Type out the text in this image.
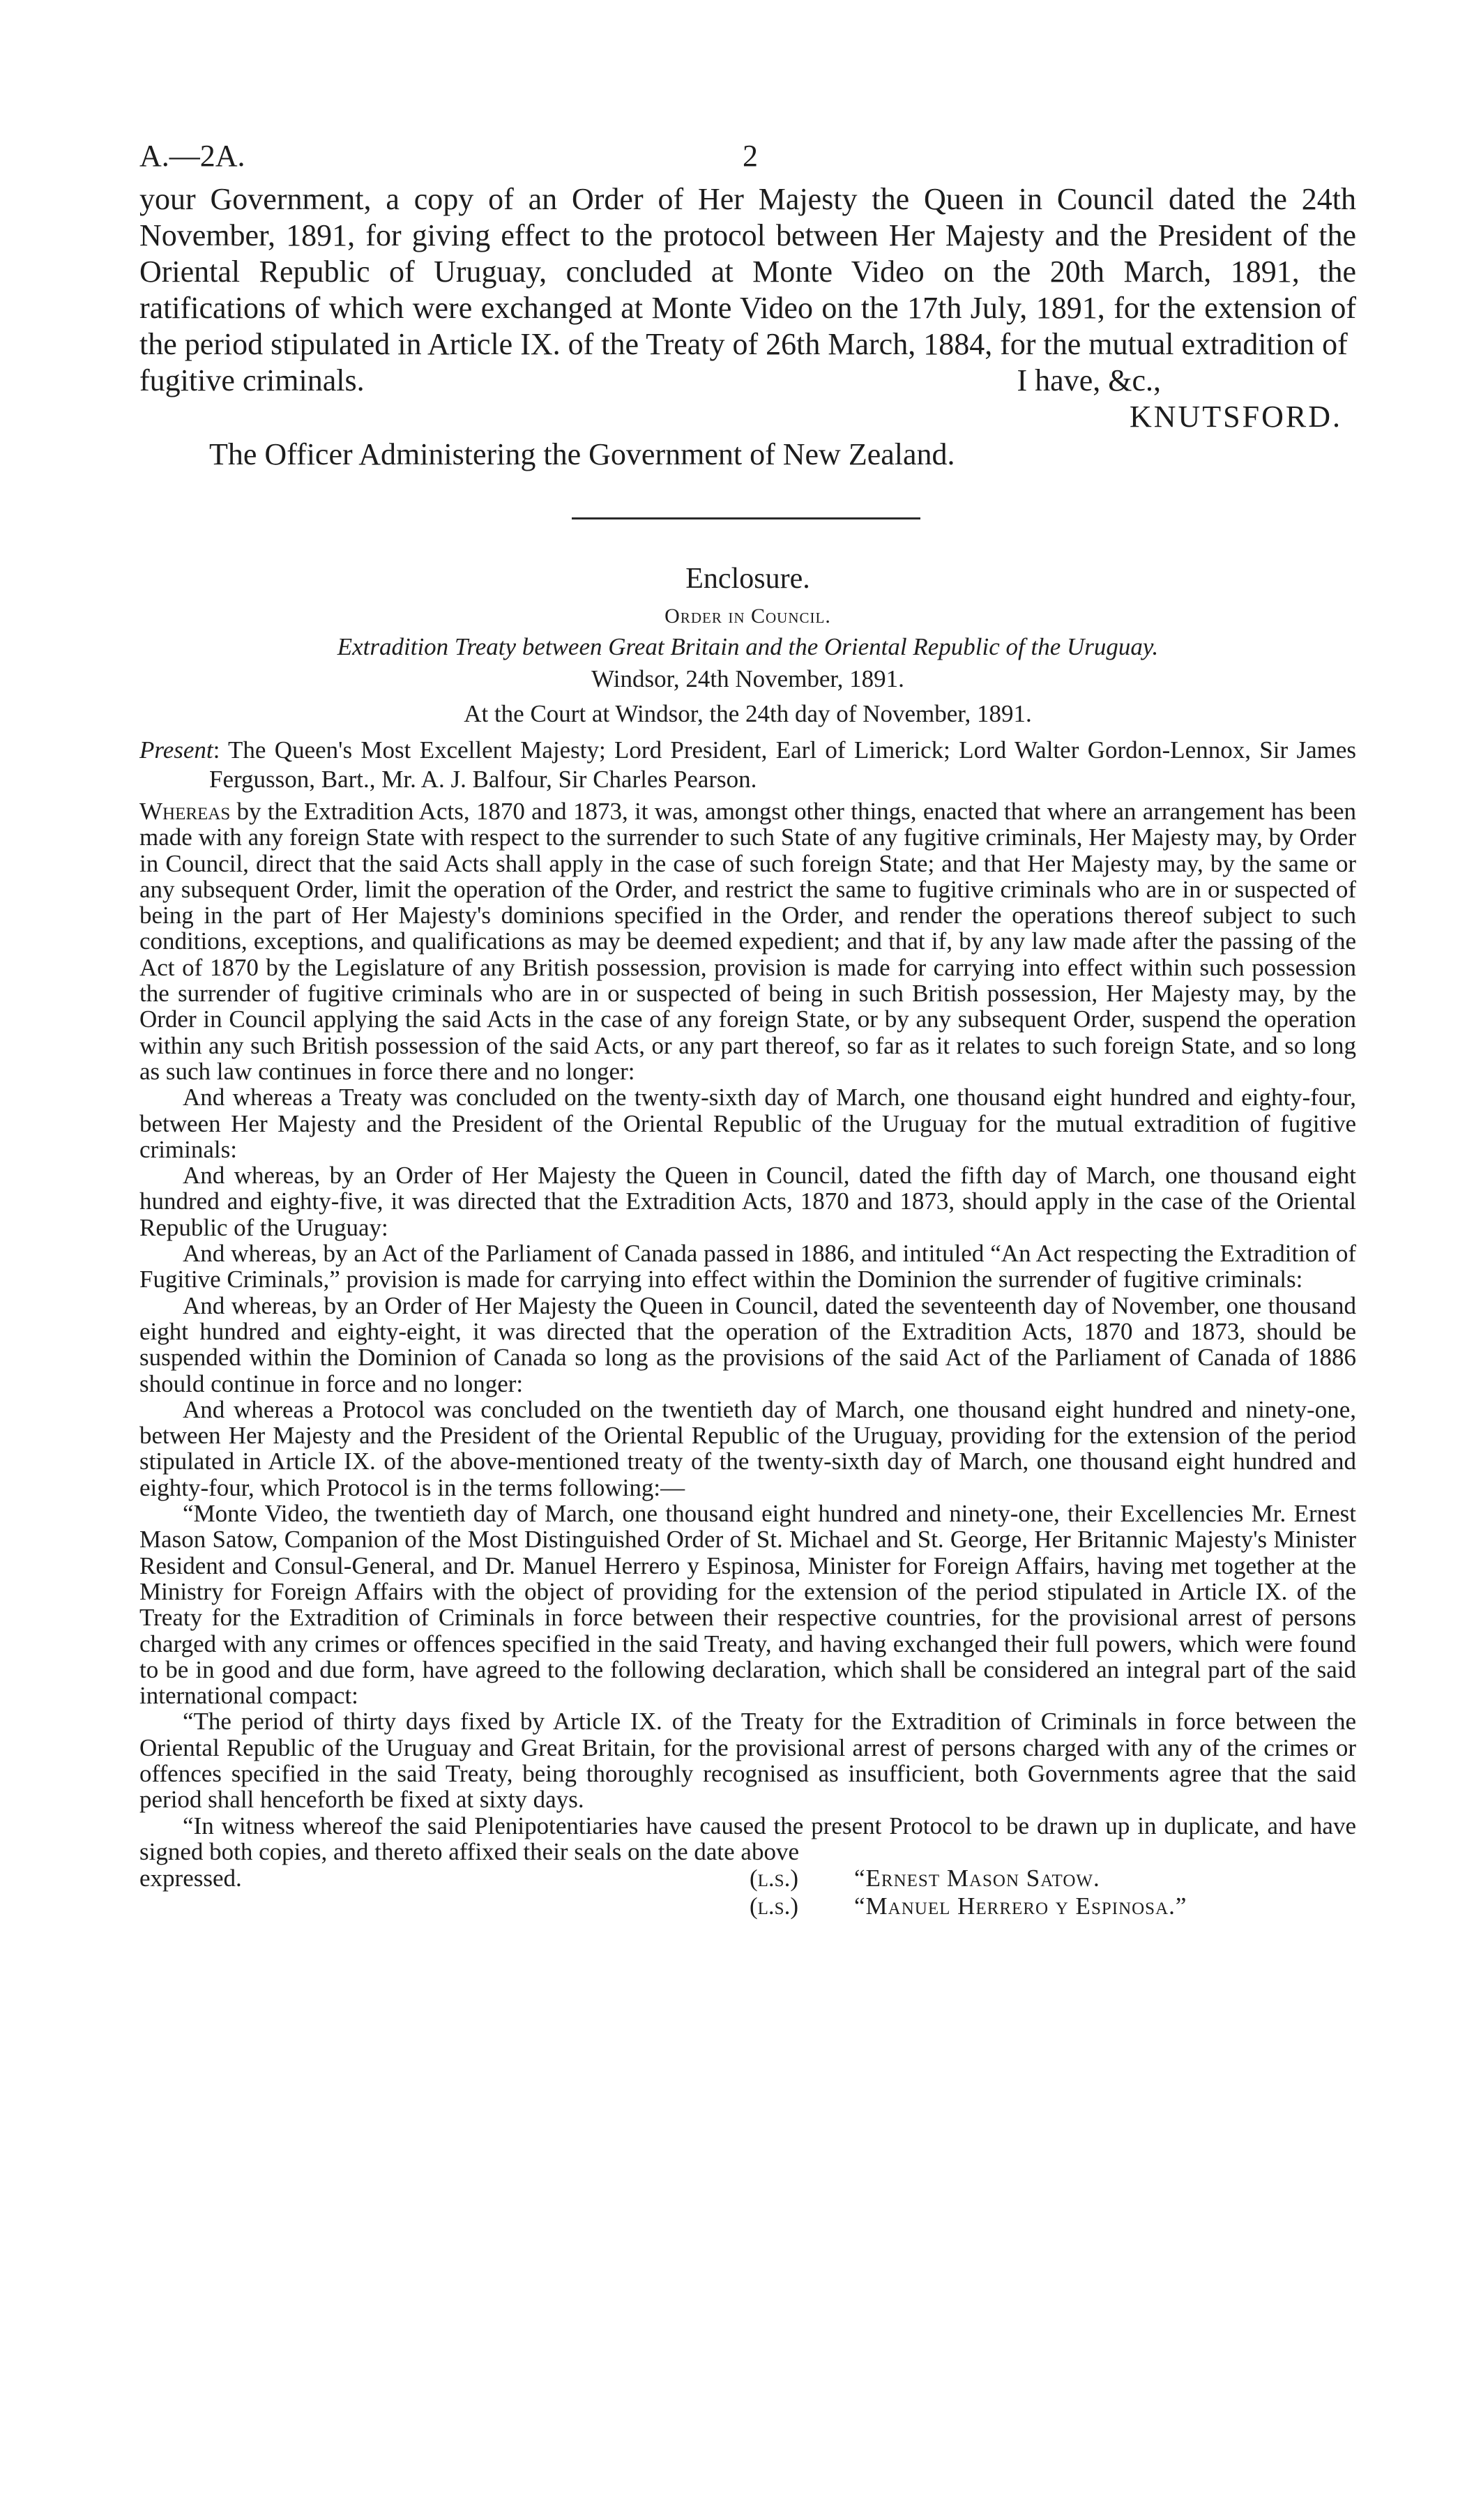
A.—2A.	2

your Government, a copy of an Order of Her Majesty the Queen in Council dated the 24th November, 1891, for giving effect to the protocol between Her Majesty and the President of the Oriental Republic of Uruguay, concluded at Monte Video on the 20th March, 1891, the ratifications of which were exchanged at Monte Video on the 17th July, 1891, for the extension of the period stipulated in Article IX. of the Treaty of 26th March, 1884, for the mutual extradition of

fugitive criminals.	I have, &c.,
KNUTSFORD.
The Officer Administering the Government of New Zealand.
Enclosure.
Order in Council.
Extradition Treaty between Great Britain and the Oriental Republic of the Uruguay.
Windsor, 24th November, 1891.
At the Court at Windsor, the 24th day of November, 1891.

Present: The Queen's Most Excellent Majesty; Lord President, Earl of Limerick; Lord Walter Gordon-Lennox, Sir James Fergusson, Bart., Mr. A. J. Balfour, Sir Charles Pearson.

Whereas by the Extradition Acts, 1870 and 1873, it was, amongst other things, enacted that where an arrangement has been made with any foreign State with respect to the surrender to such State of any fugitive criminals, Her Majesty may, by Order in Council, direct that the said Acts shall apply in the case of such foreign State; and that Her Majesty may, by the same or any subsequent Order, limit the operation of the Order, and restrict the same to fugitive criminals who are in or suspected of being in the part of Her Majesty's dominions specified in the Order, and render the operations thereof subject to such conditions, exceptions, and qualifications as may be deemed expedient; and that if, by any law made after the passing of the Act of 1870 by the Legislature of any British possession, provision is made for carrying into effect within such possession the surrender of fugitive criminals who are in or suspected of being in such British possession, Her Majesty may, by the Order in Council applying the said Acts in the case of any foreign State, or by any subsequent Order, suspend the operation within any such British possession of the said Acts, or any part thereof, so far as it relates to such foreign State, and so long as such law continues in force there and no longer:

And whereas a Treaty was concluded on the twenty-sixth day of March, one thousand eight hundred and eighty-four, between Her Majesty and the President of the Oriental Republic of the Uruguay for the mutual extradition of fugitive criminals:

And whereas, by an Order of Her Majesty the Queen in Council, dated the fifth day of March, one thousand eight hundred and eighty-five, it was directed that the Extradition Acts, 1870 and 1873, should apply in the case of the Oriental Republic of the Uruguay:

And whereas, by an Act of the Parliament of Canada passed in 1886, and intituled “An Act respecting the Extradition of Fugitive Criminals,” provision is made for carrying into effect within the Dominion the surrender of fugitive criminals:

And whereas, by an Order of Her Majesty the Queen in Council, dated the seventeenth day of November, one thousand eight hundred and eighty-eight, it was directed that the operation of the Extradition Acts, 1870 and 1873, should be suspended within the Dominion of Canada so long as the provisions of the said Act of the Parliament of Canada of 1886 should continue in force and no longer:

And whereas a Protocol was concluded on the twentieth day of March, one thousand eight hundred and ninety-one, between Her Majesty and the President of the Oriental Republic of the Uruguay, providing for the extension of the period stipulated in Article IX. of the above-mentioned treaty of the twenty-sixth day of March, one thousand eight hundred and eighty-four, which Protocol is in the terms following:—

“Monte Video, the twentieth day of March, one thousand eight hundred and ninety-one, their Excellencies Mr. Ernest Mason Satow, Companion of the Most Distinguished Order of St. Michael and St. George, Her Britannic Majesty's Minister Resident and Consul-General, and Dr. Manuel Herrero y Espinosa, Minister for Foreign Affairs, having met together at the Ministry for Foreign Affairs with the object of providing for the extension of the period stipulated in Article IX. of the Treaty for the Extradition of Criminals in force between their respective countries, for the provisional arrest of persons charged with any crimes or offences specified in the said Treaty, and having exchanged their full powers, which were found to be in good and due form, have agreed to the following declaration, which shall be considered an integral part of the said international compact:

“The period of thirty days fixed by Article IX. of the Treaty for the Extradition of Criminals in force between the Oriental Republic of the Uruguay and Great Britain, for the provisional arrest of persons charged with any of the crimes or offences specified in the said Treaty, being thoroughly recognised as insufficient, both Governments agree that the said period shall henceforth be fixed at sixty days.

“In witness whereof the said Plenipotentiaries have caused the present Protocol to be drawn up in duplicate, and have signed both copies, and thereto affixed their seals on the date above

expressed.	(l.s.) “Ernest Mason Satow.
(l.s.) “Manuel Herrero y Espinosa.”
